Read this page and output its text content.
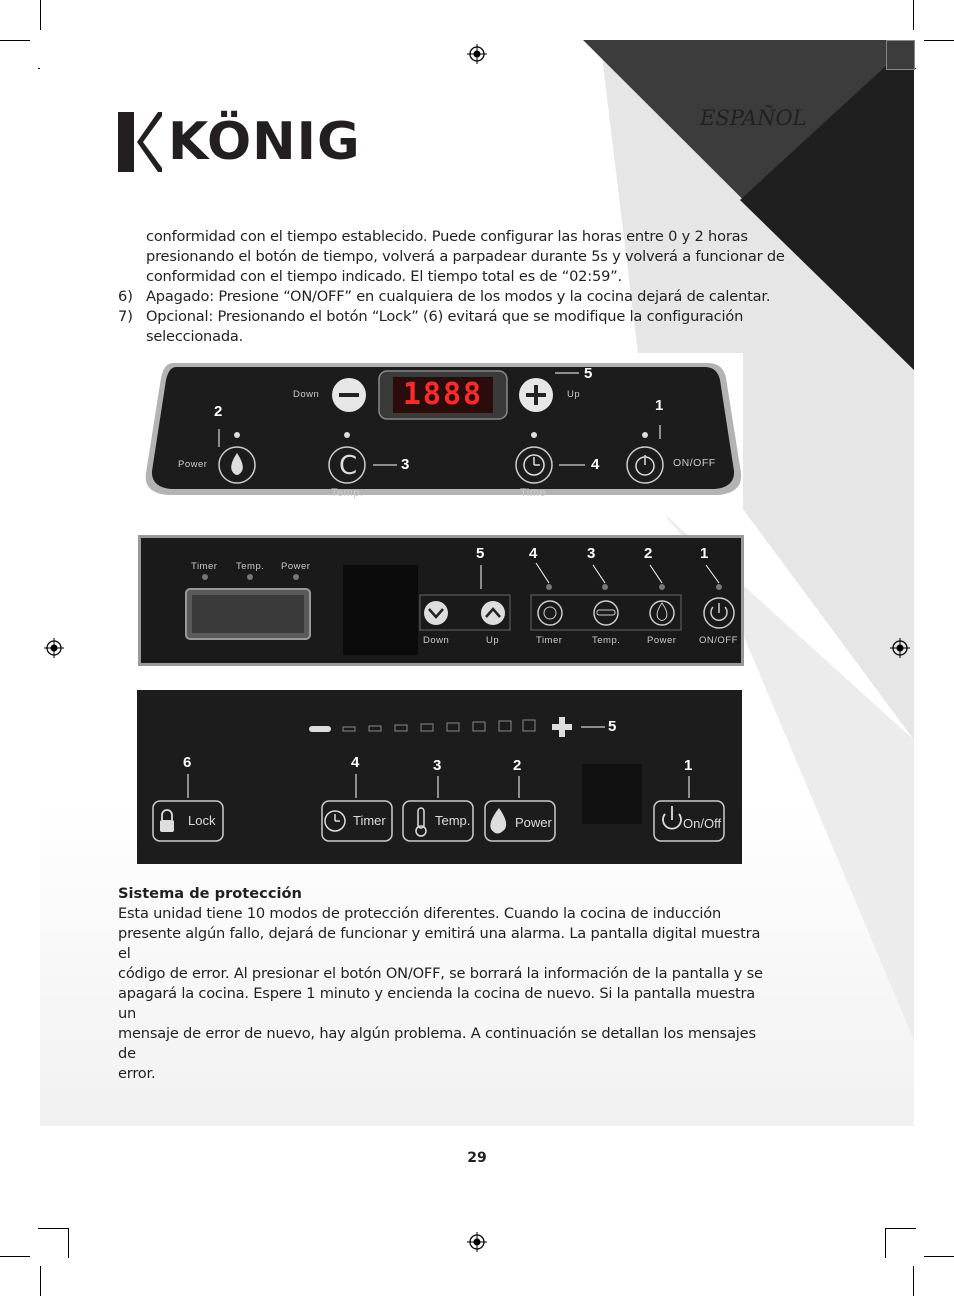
KÖNIG	ESPAÑOL
conformidad con el tiempo establecido. Puede configurar las horas entre 0 y 2 horas
presionando el botón de tiempo, volverá a parpadear durante 5s y volverá a funcionar de
conformidad con el tiempo indicado. El tiempo total es de “02:59”.
6) Apagado: Presione “ON/OFF” en cualquiera de los modos y la cocina dejará de calentar.
7) Opcional: Presionando el botón “Lock” (6) evitará que se modifique la configuración
seleccionada.
C
1888
Down	Up
Power
Temp.	Time
ON/OFF
2
3	4
5
1
Timer Temp. Power
Down	Up	Timer	Temp.	Power ON/OFF
5	4	3	2	1
Lock	Timer	Temp.	Power	On/Off
5
6	4	3	2	1
Sistema de protección
Esta unidad tiene 10 modos de protección diferentes. Cuando la cocina de inducción
presente algún fallo, dejará de funcionar y emitirá una alarma. La pantalla digital muestra el
código de error. Al presionar el botón ON/OFF, se borrará la información de la pantalla y se
apagará la cocina. Espere 1 minuto y encienda la cocina de nuevo. Si la pantalla muestra un
mensaje de error de nuevo, hay algún problema. A continuación se detallan los mensajes de
error.
29
